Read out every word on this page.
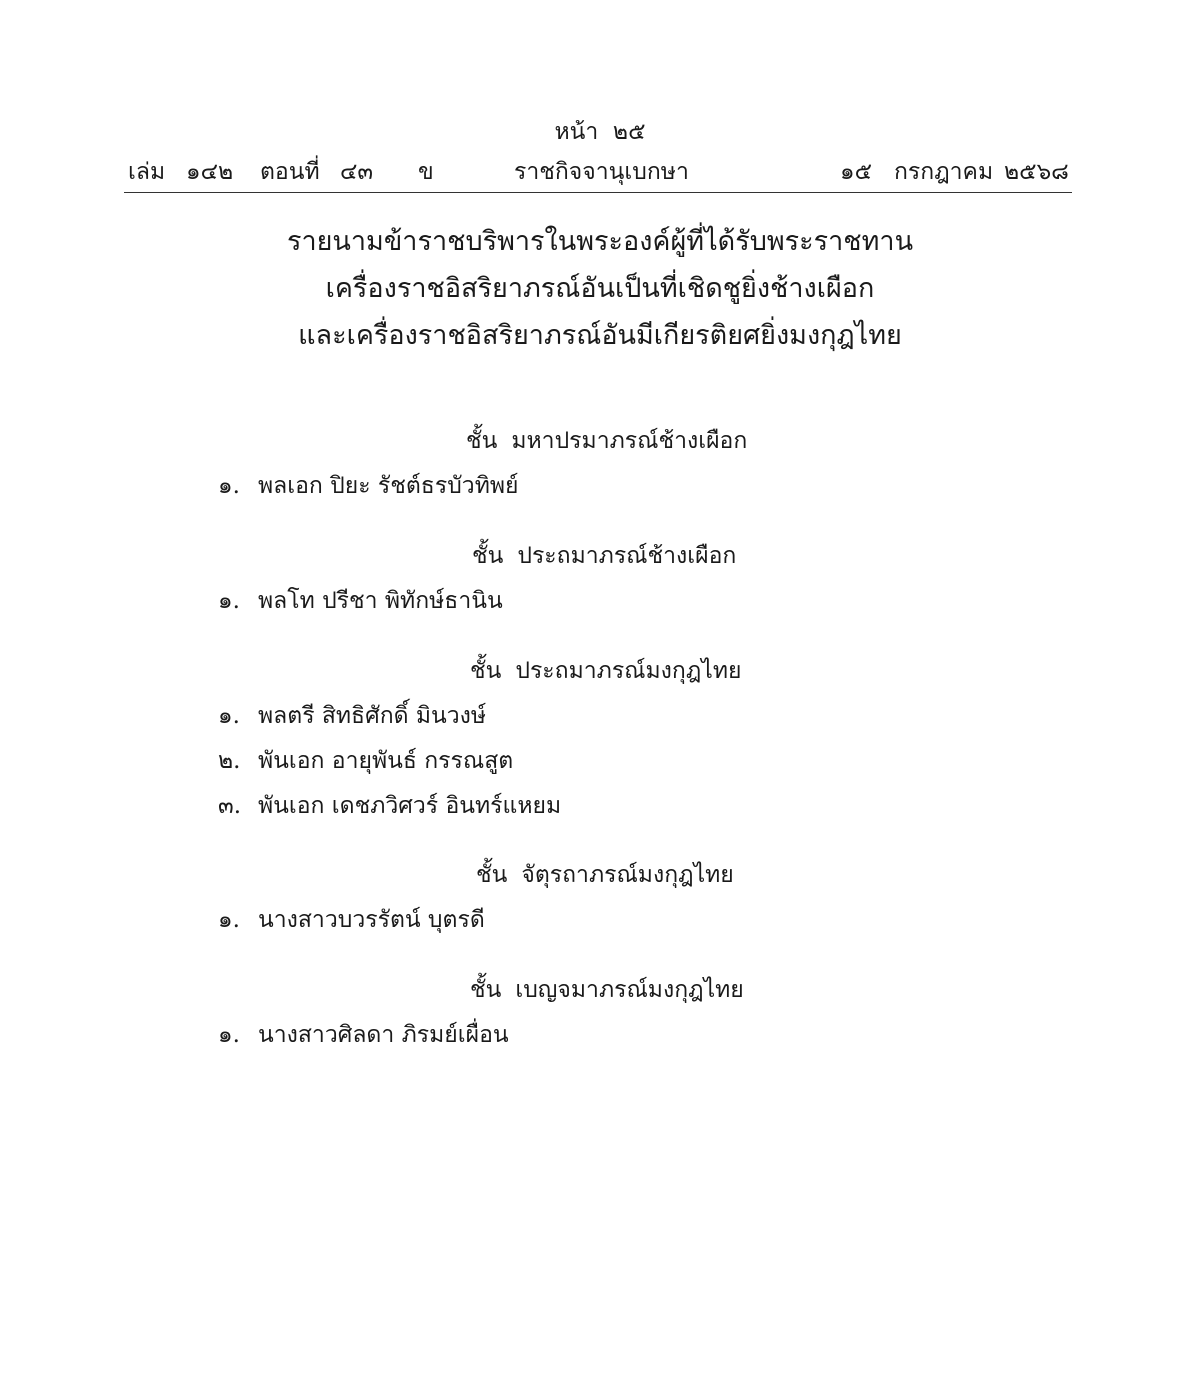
หน้า ๒๕
เล่ม ๑๔๒ ตอนที่ ๔๓ ข	ราชกิจจานุเบกษา	๑๕ กรกฎาคม ๒๕๖๘
รายนามข้าราชบริพารในพระองค์ผู้ที่ได้รับพระราชทาน
เครื่องราชอิสริยาภรณ์อันเป็นที่เชิดชูยิ่งช้างเผือก
และเครื่องราชอิสริยาภรณ์อันมีเกียรติยศยิ่งมงกุฎไทย
ชั้น มหาปรมาภรณ์ช้างเผือก
๑. พลเอก ปิยะ รัชต์ธรบัวทิพย์
ชั้น ประถมาภรณ์ช้างเผือก
๑. พลโท ปรีชา พิทักษ์ธานิน
ชั้น ประถมาภรณ์มงกุฎไทย
๑. พลตรี สิทธิศักดิ์ มินวงษ์
๒. พันเอก อายุพันธ์ กรรณสูต
๓. พันเอก เดชภวิศวร์ อินทร์แหยม
ชั้น จัตุรถาภรณ์มงกุฎไทย
๑. นางสาวบวรรัตน์ บุตรดี
ชั้น เบญจมาภรณ์มงกุฎไทย
๑. นางสาวศิลดา ภิรมย์เผื่อน
